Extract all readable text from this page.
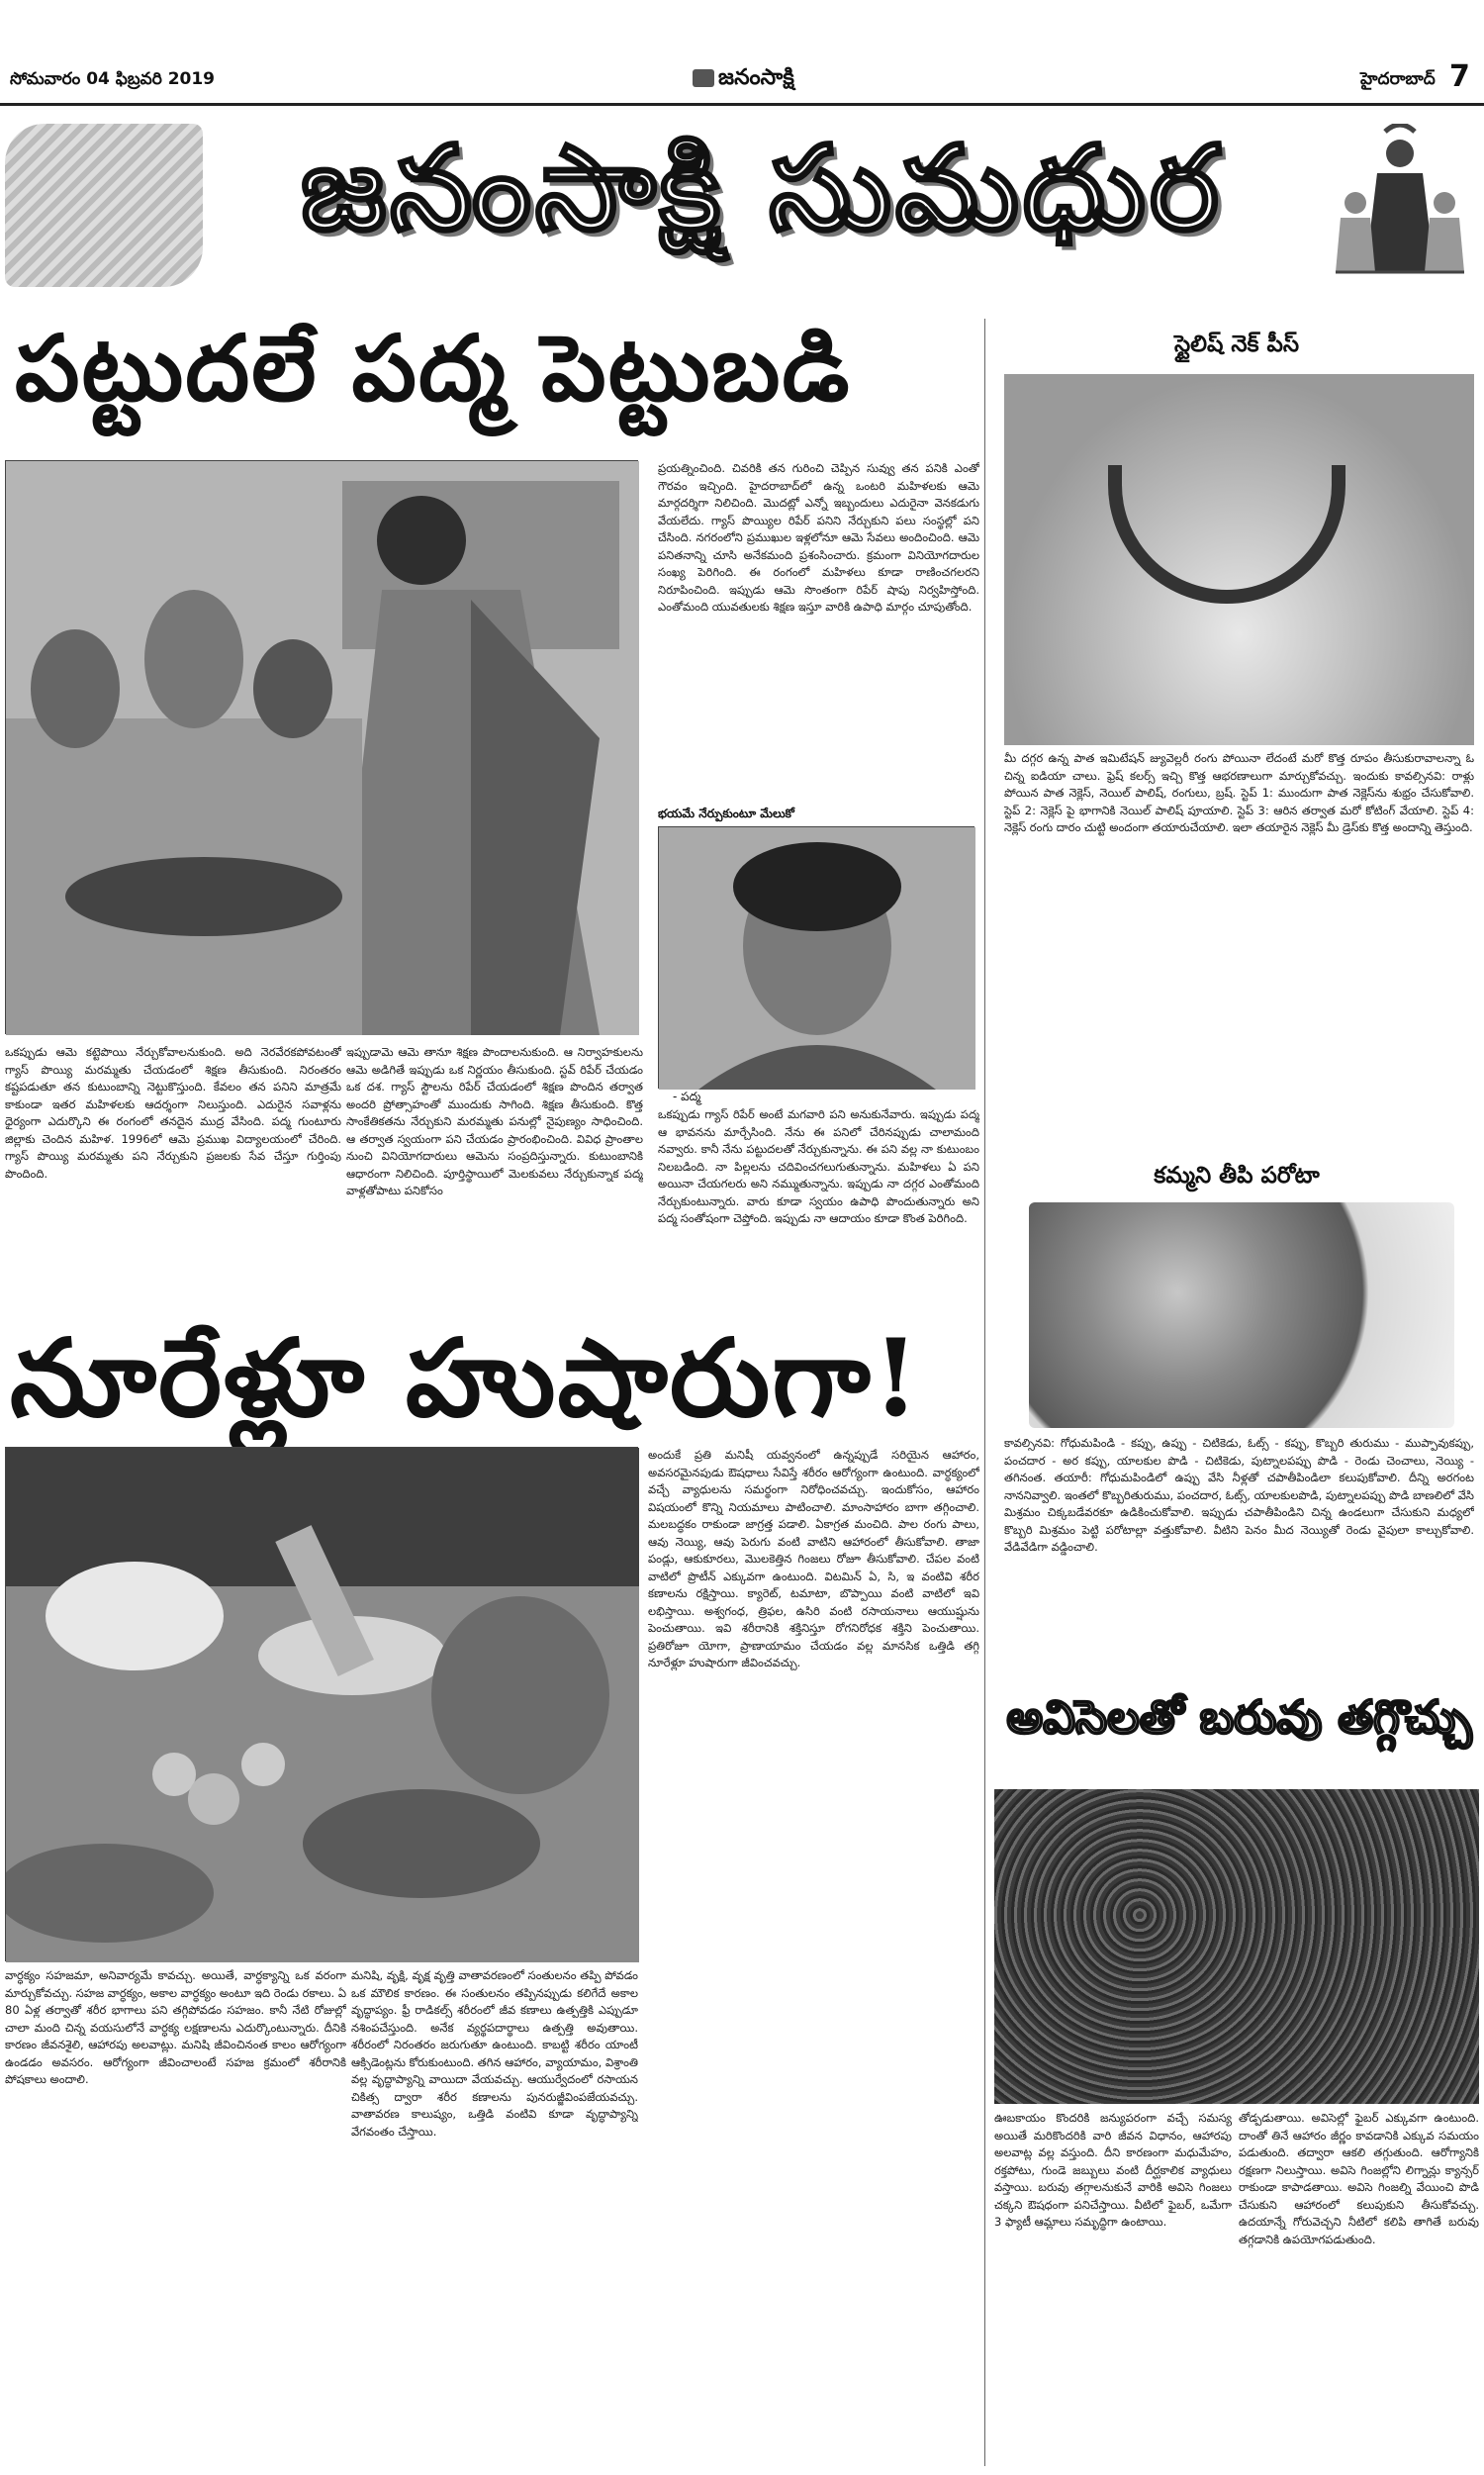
సోమవారం 04 ఫిబ్రవరి 2019	జనంసాక్షి	హైదరాబాద్ 7
జనంసాక్షి సుమధుర
పట్టుదలే పద్మ పెట్టుబడి
- పద్మ
ఒకప్పుడు ఆమె కట్టెపొయి నేర్చుకోవాలనుకుంది. అది నెరవేరకపోవటంతో గ్యాస్ పొయ్యి మరమ్మతు చేయడంలో శిక్షణ తీసుకుంది. నిరంతరం కష్టపడుతూ తన కుటుంబాన్ని నెట్టుకొస్తుంది. కేవలం తన పనిని మాత్రమే కాకుండా ఇతర మహిళలకు ఆదర్శంగా నిలుస్తుంది. ఎదురైన సవాళ్లను ధైర్యంగా ఎదుర్కొని ఈ రంగంలో తనదైన ముద్ర వేసింది. పద్మ గుంటూరు జిల్లాకు చెందిన మహిళ. 1996లో ఆమె ప్రముఖ విద్యాలయంలో చేరింది. గ్యాస్ పొయ్యి మరమ్మతు పని నేర్చుకుని ప్రజలకు సేవ చేస్తూ గుర్తింపు పొందింది.
ఇప్పుడామె ఆమె తానూ శిక్షణ పొందాలనుకుంది. ఆ నిర్వాహకులను ఆమె అడిగితే ఇప్పుడు ఒక నిర్ణయం తీసుకుంది. స్టవ్ రిపేర్ చేయడం ఒక దశ. గ్యాస్ స్టౌలను రిపేర్ చేయడంలో శిక్షణ పొందిన తర్వాత అందరి ప్రోత్సాహంతో ముందుకు సాగింది. శిక్షణ తీసుకుంది. కొత్త సాంకేతికతను నేర్చుకుని మరమ్మతు పనుల్లో నైపుణ్యం సాధించింది. ఆ తర్వాత స్వయంగా పని చేయడం ప్రారంభించింది. వివిధ ప్రాంతాల నుంచి వినియోగదారులు ఆమెను సంప్రదిస్తున్నారు. కుటుంబానికి ఆధారంగా నిలిచింది. పూర్తిస్థాయిలో మెలకువలు నేర్చుకున్నాక పద్మ వాళ్లతోపాటు పనికోసం
ప్రయత్నించింది. చివరికి తన గురించి చెప్పిన సువ్వు తన పనికి ఎంతో గౌరవం ఇచ్చింది. హైదరాబాద్‌లో ఉన్న ఒంటరి మహిళలకు ఆమె మార్గదర్శిగా నిలిచింది. మొదట్లో ఎన్నో ఇబ్బందులు ఎదురైనా వెనకడుగు వేయలేదు. గ్యాస్ పొయ్యిల రిపేర్ పనిని నేర్చుకుని పలు సంస్థల్లో పని చేసింది. నగరంలోని ప్రముఖుల ఇళ్లలోనూ ఆమె సేవలు అందించింది. ఆమె పనితనాన్ని చూసి అనేకమంది ప్రశంసించారు. క్రమంగా వినియోగదారుల సంఖ్య పెరిగింది. ఈ రంగంలో మహిళలు కూడా రాణించగలరని నిరూపించింది. ఇప్పుడు ఆమె సొంతంగా రిపేర్ షాపు నిర్వహిస్తోంది. ఎంతోమంది యువతులకు శిక్షణ ఇస్తూ వారికి ఉపాధి మార్గం చూపుతోంది.
భయమే నేర్పుకుంటూ మేలుకో
ఒకప్పుడు గ్యాస్ రిపేర్ అంటే మగవారి పని అనుకునేవారు. ఇప్పుడు పద్మ ఆ భావనను మార్చేసింది. నేను ఈ పనిలో చేరినప్పుడు చాలామంది నవ్వారు. కానీ నేను పట్టుదలతో నేర్చుకున్నాను. ఈ పని వల్ల నా కుటుంబం నిలబడింది. నా పిల్లలను చదివించగలుగుతున్నాను. మహిళలు ఏ పని అయినా చేయగలరు అని నమ్ముతున్నాను. ఇప్పుడు నా దగ్గర ఎంతోమంది నేర్చుకుంటున్నారు. వారు కూడా స్వయం ఉపాధి పొందుతున్నారు అని పద్మ సంతోషంగా చెప్తోంది. ఇప్పుడు నా ఆదాయం కూడా కొంత పెరిగింది.
నూరేళ్లూ హుషారుగా!
వార్ధక్యం సహజమా, అనివార్యమే కావచ్చు. అయితే, వార్ధక్యాన్ని ఒక వరంగా మార్చుకోవచ్చు. సహజ వార్ధక్యం, అకాల వార్ధక్యం అంటూ ఇది రెండు రకాలు. ఏ 80 ఏళ్ల తర్వాతో శరీర భాగాలు పని తగ్గిపోవడం సహజం. కానీ నేటి రోజుల్లో చాలా మంది చిన్న వయసులోనే వార్ధక్య లక్షణాలను ఎదుర్కొంటున్నారు. దీనికి కారణం జీవనశైలి, ఆహారపు అలవాట్లు. మనిషి జీవించినంత కాలం ఆరోగ్యంగా ఉండడం అవసరం. ఆరోగ్యంగా జీవించాలంటే సహజ క్రమంలో శరీరానికి పోషకాలు అందాలి.
మనిషి, వృక్షి, వృక్ష వృత్తి వాతావరణంలో సంతులనం తప్పి పోవడం ఒక మౌలిక కారణం. ఈ సంతులనం తప్పినప్పుడు కలిగేదే అకాల వృద్ధాప్యం. ఫ్రీ రాడికల్స్ శరీరంలో జీవ కణాలు ఉత్పత్తికి ఎప్పుడూ నశింపచేస్తుంది. అనేక వ్యర్థపదార్థాలు ఉత్పత్తి అవుతాయి. శరీరంలో నిరంతరం జరుగుతూ ఉంటుంది. కాబట్టి శరీరం యాంటీ ఆక్సిడెంట్లను కోరుకుంటుంది. తగిన ఆహారం, వ్యాయామం, విశ్రాంతి వల్ల వృద్ధాప్యాన్ని వాయిదా వేయవచ్చు. ఆయుర్వేదంలో రసాయన చికిత్స ద్వారా శరీర కణాలను పునరుజ్జీవింపజేయవచ్చు. వాతావరణ కాలుష్యం, ఒత్తిడి వంటివి కూడా వృద్ధాప్యాన్ని వేగవంతం చేస్తాయి.
అందుకే ప్రతి మనిషీ యవ్వనంలో ఉన్నప్పుడే సరియైన ఆహారం, అవసరమైనపుడు ఔషధాలు సేవిస్తే శరీరం ఆరోగ్యంగా ఉంటుంది. వార్ధక్యంలో వచ్చే వ్యాధులను సమర్థంగా నిరోధించవచ్చు. ఇందుకోసం, ఆహారం విషయంలో కొన్ని నియమాలు పాటించాలి. మాంసాహారం బాగా తగ్గించాలి. మలబద్ధకం రాకుండా జాగ్రత్త పడాలి. ఏకాగ్రత మంచిది. పాల రంగు పాలు, ఆవు నెయ్యి, ఆవు పెరుగు వంటి వాటిని ఆహారంలో తీసుకోవాలి. తాజా పండ్లు, ఆకుకూరలు, మొలకెత్తిన గింజలు రోజూ తీసుకోవాలి. చేపల వంటి వాటిలో ప్రొటీన్ ఎక్కువగా ఉంటుంది. విటమిన్ ఏ, సి, ఇ వంటివి శరీర కణాలను రక్షిస్తాయి. క్యారెట్, టమాటా, బొప్పాయి వంటి వాటిలో ఇవి లభిస్తాయి. అశ్వగంధ, త్రిఫల, ఉసిరి వంటి రసాయనాలు ఆయుష్షును పెంచుతాయి. ఇవి శరీరానికి శక్తినిస్తూ రోగనిరోధక శక్తిని పెంచుతాయి. ప్రతిరోజూ యోగా, ప్రాణాయామం చేయడం వల్ల మానసిక ఒత్తిడి తగ్గి నూరేళ్లూ హుషారుగా జీవించవచ్చు.
స్టైలిష్ నెక్ పీస్
మీ దగ్గర ఉన్న పాత ఇమిటేషన్ జ్యువెల్లరీ రంగు పోయినా లేదంటే మరో కొత్త రూపం తీసుకురావాలన్నా ఓ చిన్న ఐడియా చాలు. ఫ్రెష్ కలర్స్ ఇచ్చి కొత్త ఆభరణాలుగా మార్చుకోవచ్చు. ఇందుకు కావల్సినవి: రాళ్లు పోయిన పాత నెక్లెస్, నెయిల్ పాలిష్, రంగులు, బ్రష్. స్టెప్ 1: ముందుగా పాత నెక్లెస్‌ను శుభ్రం చేసుకోవాలి. స్టెప్ 2: నెక్లెస్ పై భాగానికి నెయిల్ పాలిష్ పూయాలి. స్టెప్ 3: ఆరిన తర్వాత మరో కోటింగ్ వేయాలి. స్టెప్ 4: నెక్లెస్ రంగు దారం చుట్టి అందంగా తయారుచేయాలి. ఇలా తయారైన నెక్లెస్ మీ డ్రెస్‌కు కొత్త అందాన్ని తెస్తుంది.
కమ్మని తీపి పరోటా
కావల్సినవి: గోధుమపిండి - కప్పు, ఉప్పు - చిటికెడు, ఓట్స్ - కప్పు, కొబ్బరి తురుము - ముప్పావుకప్పు, పంచదార - అర కప్పు, యాలకుల పొడి - చిటికెడు, పుట్నాలపప్పు పొడి - రెండు చెంచాలు, నెయ్యి - తగినంత. తయారీ: గోధుమపిండిలో ఉప్పు వేసి నీళ్లతో చపాతీపిండిలా కలుపుకోవాలి. దీన్ని అరగంట నాననివ్వాలి. ఇంతలో కొబ్బరితురుము, పంచదార, ఓట్స్, యాలకులపొడి, పుట్నాలపప్పు పొడి బాణలిలో వేసి మిశ్రమం చిక్కబడేవరకూ ఉడికించుకోవాలి. ఇప్పుడు చపాతీపిండిని చిన్న ఉండలుగా చేసుకుని మధ్యలో కొబ్బరి మిశ్రమం పెట్టి పరోటాల్లా వత్తుకోవాలి. వీటిని పెనం మీద నెయ్యితో రెండు వైపులా కాల్చుకోవాలి. వేడివేడిగా వడ్డించాలి.
అవిసెలతో బరువు తగ్గొచ్చు
ఊబకాయం కొందరికి జన్యుపరంగా వచ్చే సమస్య అయితే మరికొందరికి వారి జీవన విధానం, ఆహారపు అలవాట్ల వల్ల వస్తుంది. దీని కారణంగా మధుమేహం, రక్తపోటు, గుండె జబ్బులు వంటి దీర్ఘకాలిక వ్యాధులు వస్తాయి. బరువు తగ్గాలనుకునే వారికి అవిసె గింజలు చక్కని ఔషధంగా పనిచేస్తాయి. వీటిలో ఫైబర్, ఒమేగా 3 ఫ్యాటీ ఆమ్లాలు సమృద్ధిగా ఉంటాయి.
తోడ్పడుతాయి. అవిసెల్లో ఫైబర్ ఎక్కువగా ఉంటుంది. దాంతో తినే ఆహారం జీర్ణం కావడానికి ఎక్కువ సమయం పడుతుంది. తద్వారా ఆకలి తగ్గుతుంది. ఆరోగ్యానికి రక్షణగా నిలుస్తాయి. అవిసె గింజల్లోని లిగ్నాన్లు క్యాన్సర్ రాకుండా కాపాడతాయి. అవిసె గింజల్ని వేయించి పొడి చేసుకుని ఆహారంలో కలుపుకుని తీసుకోవచ్చు. ఉదయాన్నే గోరువెచ్చని నీటిలో కలిపి తాగితే బరువు తగ్గడానికి ఉపయోగపడుతుంది.
